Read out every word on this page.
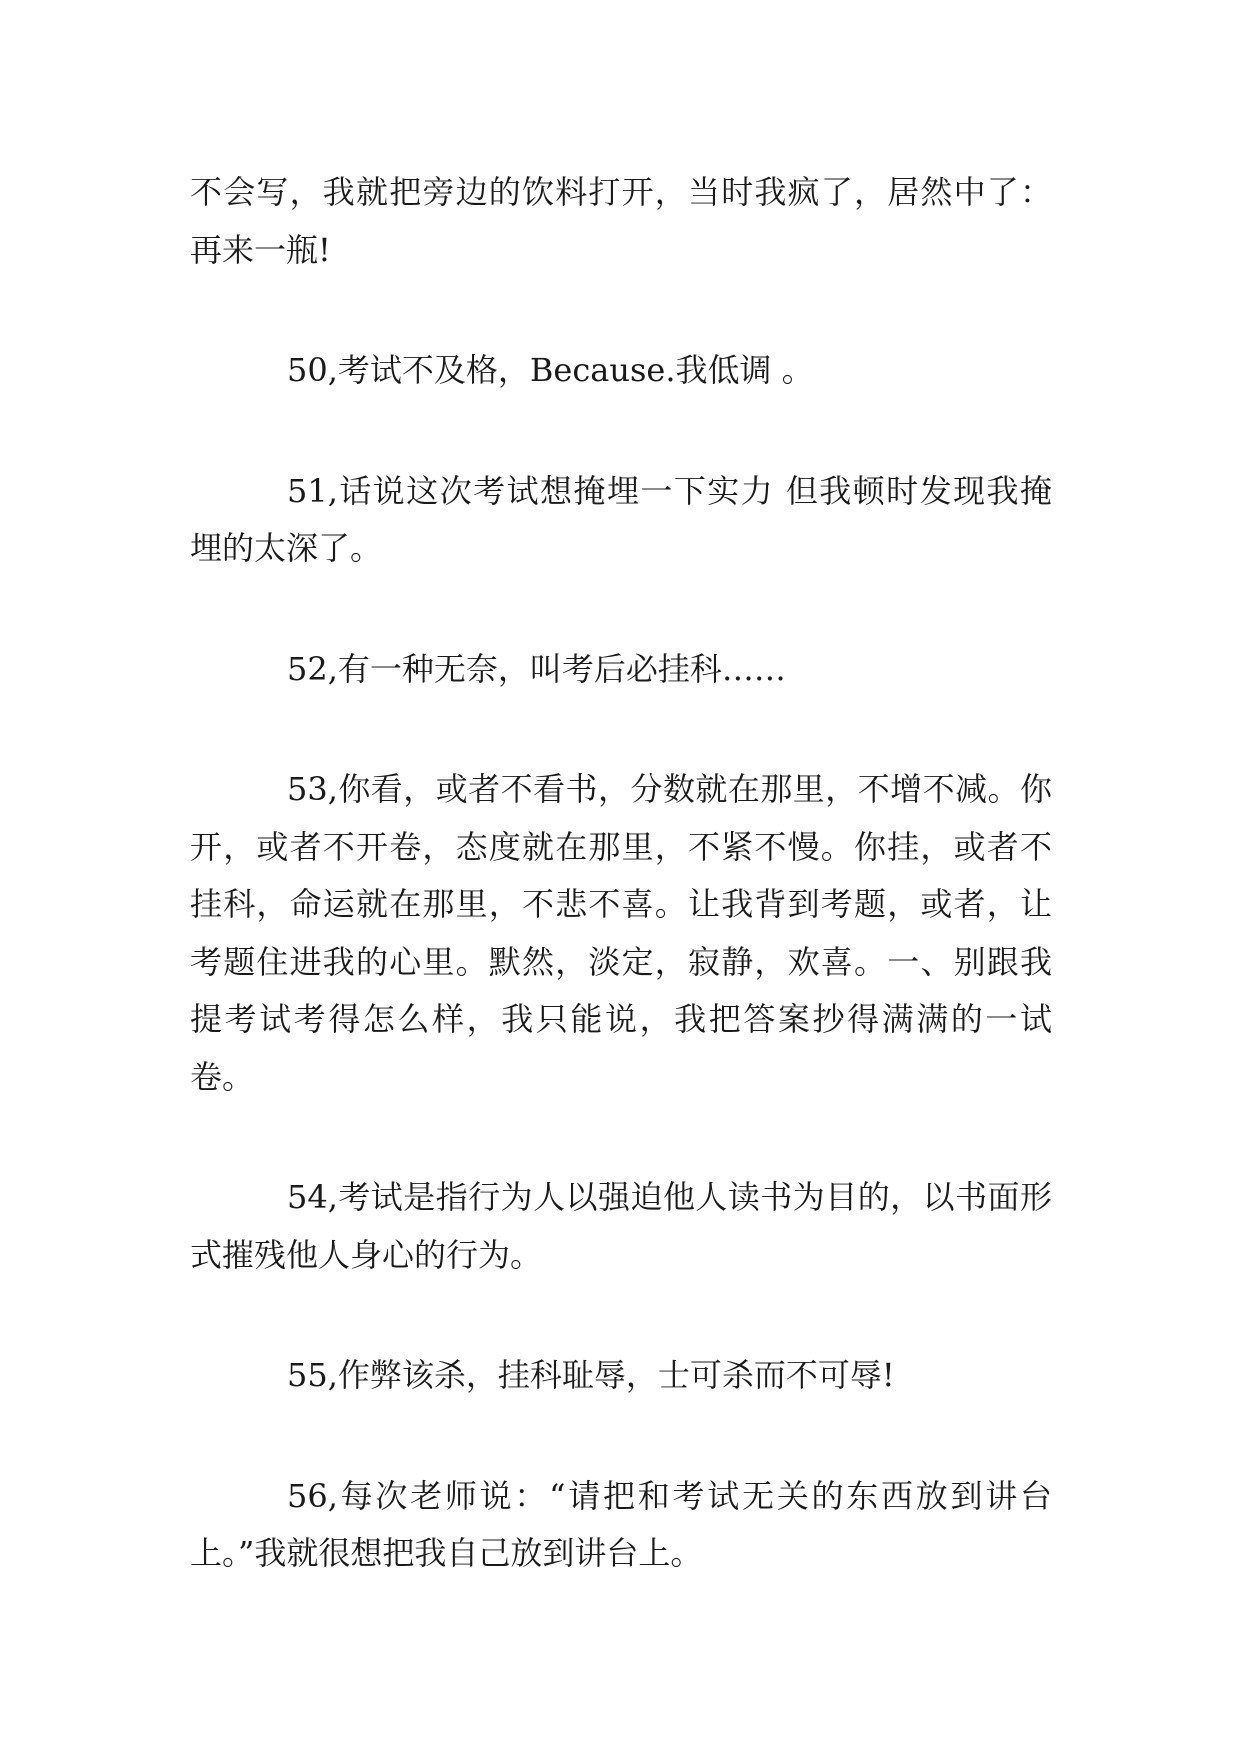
不会写，我就把旁边的饮料打开，当时我疯了，居然中了：再来一瓶!

50,考试不及格，Because.我低调 。

51,话说这次考试想掩埋一下实力 但我顿时发现我掩埋的太深了。

52,有一种无奈，叫考后必挂科……

53,你看，或者不看书，分数就在那里，不增不减。你开，或者不开卷，态度就在那里，不紧不慢。你挂，或者不挂科，命运就在那里，不悲不喜。让我背到考题，或者，让考题住进我的心里。默然，淡定，寂静，欢喜。一、别跟我提考试考得怎么样，我只能说，我把答案抄得满满的一试卷。

54,考试是指行为人以强迫他人读书为目的，以书面形式摧残他人身心的行为。

55,作弊该杀，挂科耻辱，士可杀而不可辱!

56,每次老师说：“请把和考试无关的东西放到讲台上。”我就很想把我自己放到讲台上。
